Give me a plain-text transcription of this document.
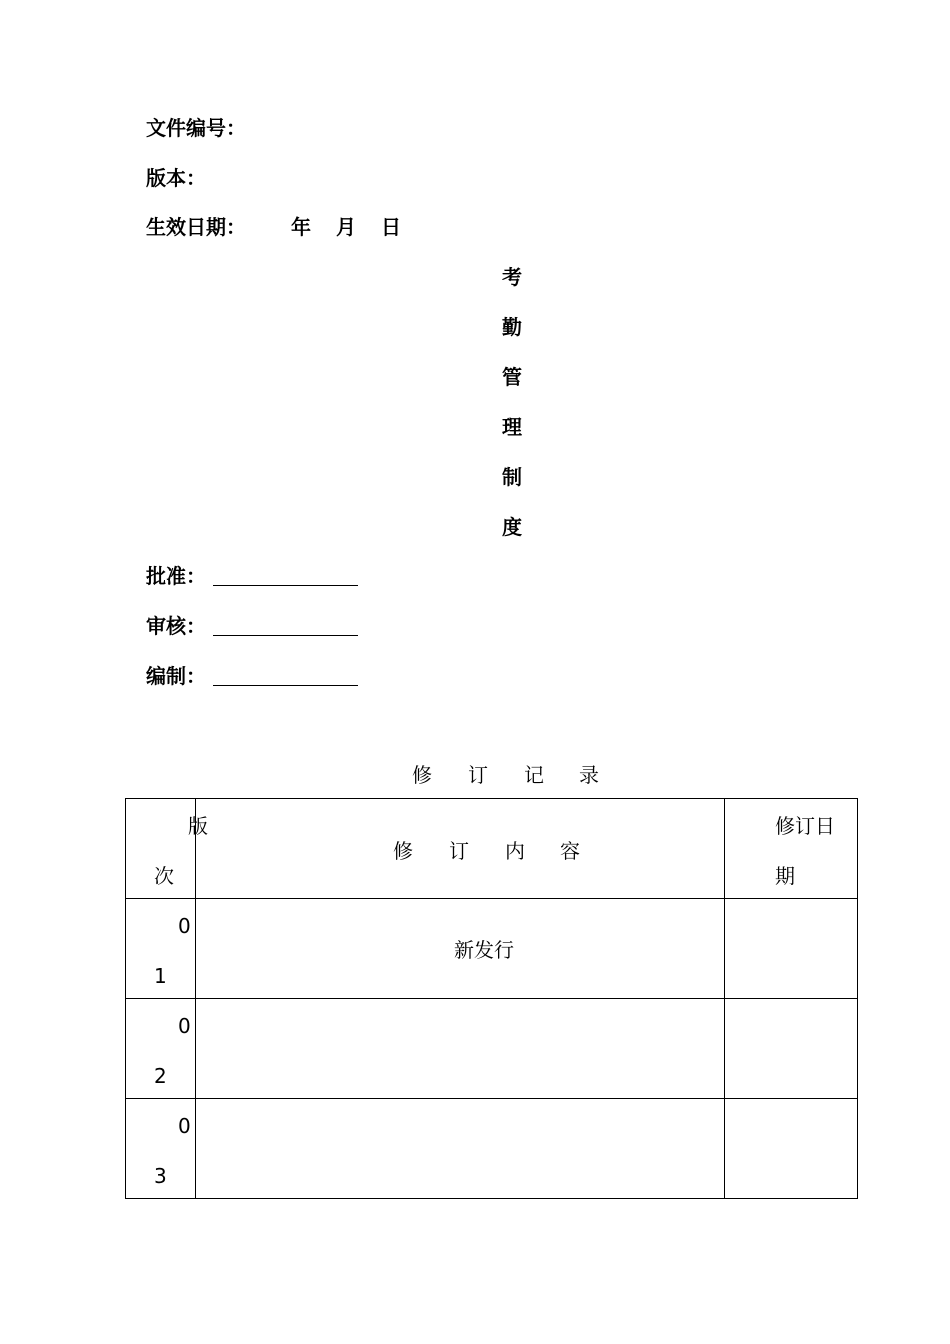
文件编号：
版本：
生效日期： 年 月 日
考
勤
管
理
制
度
批准：
审核：
编制：
修 订 记 录
版
次	修 订 内 容	修订日
期

0
1	新发行	

0
2		

0
3		
